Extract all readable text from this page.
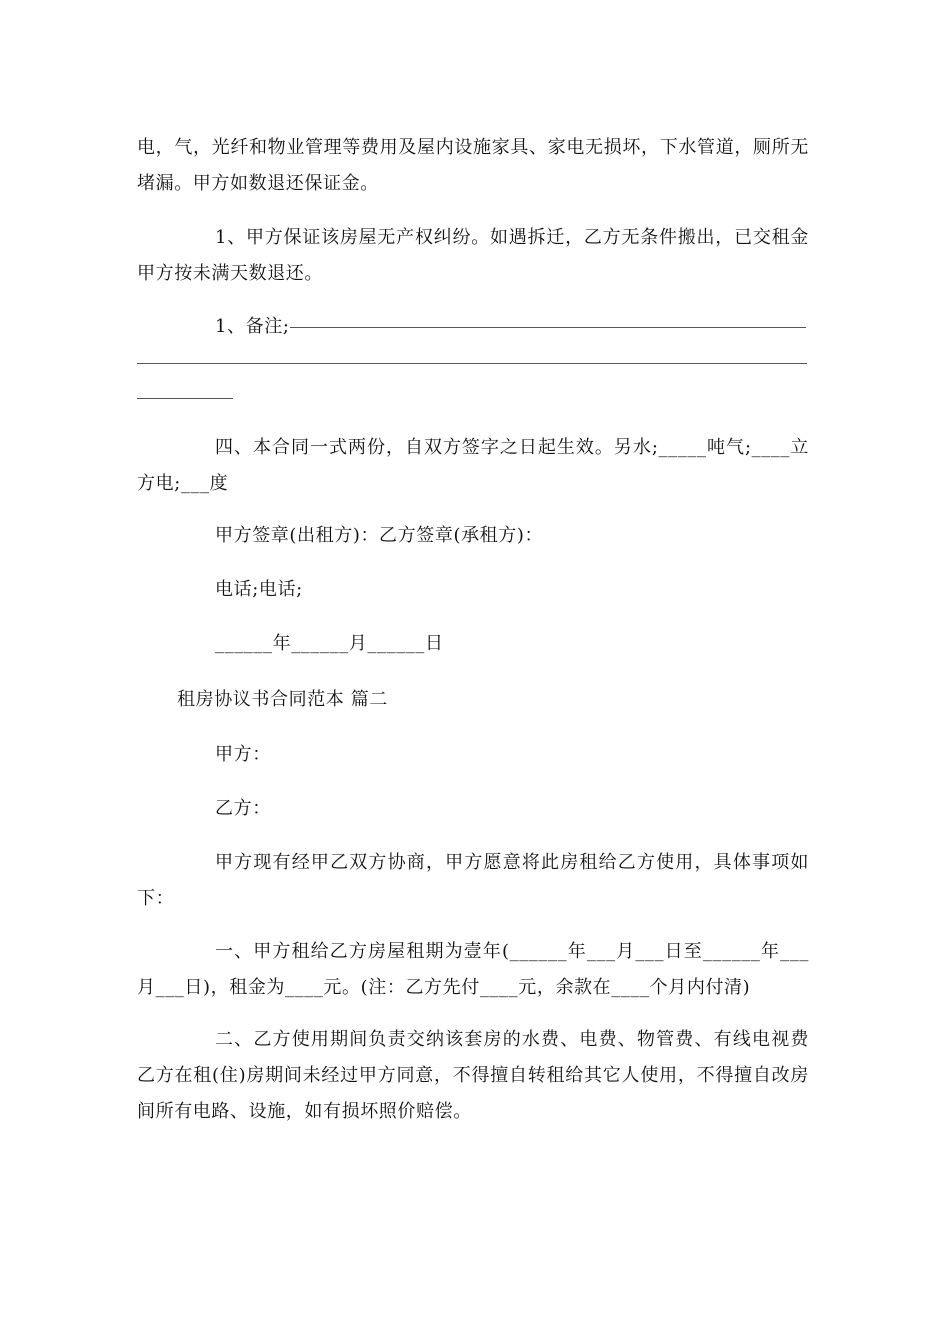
电，气，光纤和物业管理等费用及屋内设施家具、家电无损坏，下水管道，厕所无堵漏。甲方如数退还保证金。

1、甲方保证该房屋无产权纠纷。如遇拆迁，乙方无条件搬出，已交租金甲方按未满天数退还。

1、备注;

四、本合同一式两份，自双方签字之日起生效。另水;_____吨气;____立方电;___度

甲方签章(出租方)：乙方签章(承租方)：

电话;电话;

______年______月______日

租房协议书合同范本 篇二

甲方：

乙方：

甲方现有经甲乙双方协商，甲方愿意将此房租给乙方使用，具体事项如下：

一、甲方租给乙方房屋租期为壹年(______年___月___日至______年___月___日)，租金为____元。(注：乙方先付____元，余款在____个月内付清)

二、乙方使用期间负责交纳该套房的水费、电费、物管费、有线电视费乙方在租(住)房期间未经过甲方同意，不得擅自转租给其它人使用，不得擅自改房间所有电路、设施，如有损坏照价赔偿。
